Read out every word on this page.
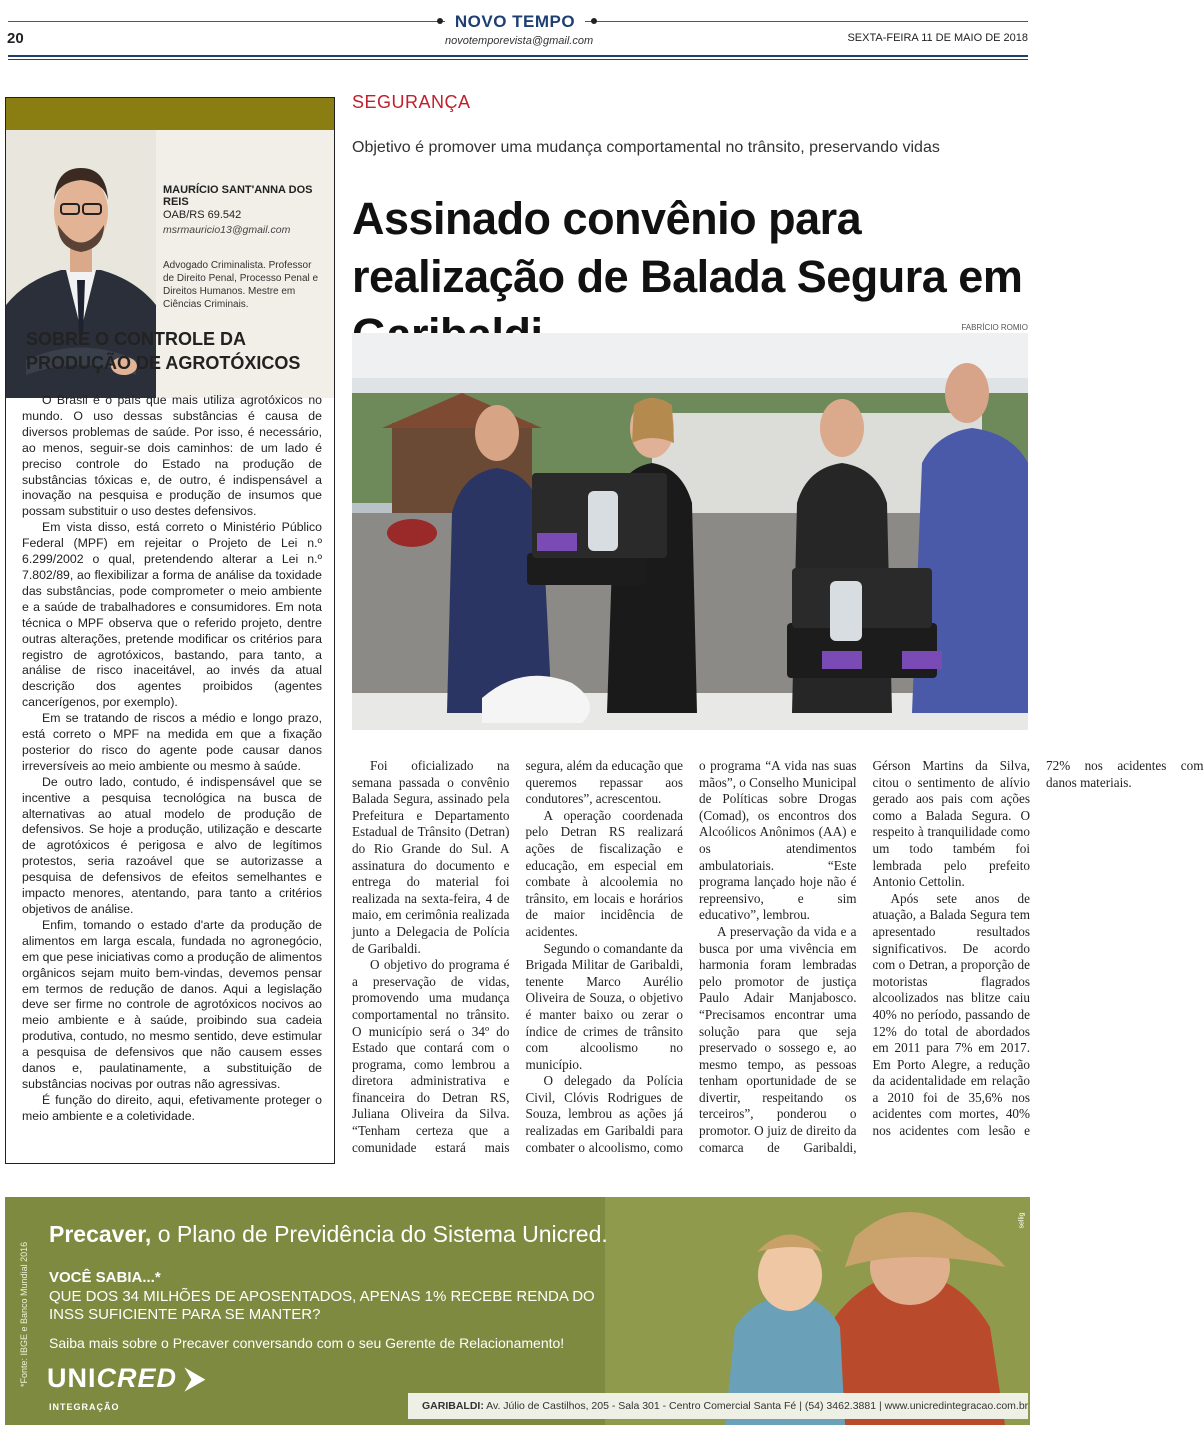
20
NOVO TEMPO
novotemporevista@gmail.com	SEXTA-FEIRA 11 DE MAIO DE 2018
MAURÍCIO SANT'ANNA DOS REIS
OAB/RS 69.542
msrmauricio13@gmail.com
Advogado Criminalista. Professor de Direito Penal, Processo Penal e Direitos Humanos. Mestre em Ciências Criminais.
SOBRE O CONTROLE DA PRODUÇÃO DE AGROTÓXICOS

O Brasil é o país que mais utiliza agrotóxicos no mundo. O uso dessas substâncias é causa de diversos problemas de saúde. Por isso, é necessário, ao menos, seguir-se dois caminhos: de um lado é preciso controle do Estado na produção de substâncias tóxicas e, de outro, é indispensável a inovação na pesquisa e produção de insumos que possam substituir o uso destes defensivos.

Em vista disso, está correto o Ministério Público Federal (MPF) em rejeitar o Projeto de Lei n.º 6.299/2002 o qual, pretendendo alterar a Lei n.º 7.802/89, ao flexibilizar a forma de análise da toxidade das substâncias, pode comprometer o meio ambiente e a saúde de trabalhadores e consumidores. Em nota técnica o MPF observa que o referido projeto, dentre outras alterações, pretende modificar os critérios para registro de agrotóxicos, bastando, para tanto, a análise de risco inaceitável, ao invés da atual descrição dos agentes proibidos (agentes cancerígenos, por exemplo).

Em se tratando de riscos a médio e longo prazo, está correto o MPF na medida em que a fixação posterior do risco do agente pode causar danos irreversíveis ao meio ambiente ou mesmo à saúde.

De outro lado, contudo, é indispensável que se incentive a pesquisa tecnológica na busca de alternativas ao atual modelo de produção de defensivos. Se hoje a produção, utilização e descarte de agrotóxicos é perigosa e alvo de legítimos protestos, seria razoável que se autorizasse a pesquisa de defensivos de efeitos semelhantes e impacto menores, atentando, para tanto a critérios objetivos de análise.

Enfim, tomando o estado d'arte da produção de alimentos em larga escala, fundada no agronegócio, em que pese iniciativas como a produção de alimentos orgânicos sejam muito bem-vindas, devemos pensar em termos de redução de danos. Aqui a legislação deve ser firme no controle de agrotóxicos nocivos ao meio ambiente e à saúde, proibindo sua cadeia produtiva, contudo, no mesmo sentido, deve estimular a pesquisa de defensivos que não causem esses danos e, paulatinamente, a substituição de substâncias nocivas por outras não agressivas.

É função do direito, aqui, efetivamente proteger o meio ambiente e a coletividade.

SEGURANÇA
Objetivo é promover uma mudança comportamental no trânsito, preservando vidas
Assinado convênio para realização de Balada Segura em
FABRÍCIO ROMIO

Foi oficializado na semana passada o convênio Balada Segura, assinado pela Prefeitura e Departamento Estadual de Trânsito (Detran) do Rio Grande do Sul. A assinatura do documento e entrega do material foi realizada na sexta-feira, 4 de maio, em cerimônia realizada junto a Delegacia de Polícia de Garibaldi.

O objetivo do programa é a preservação de vidas, promovendo uma mudança comportamental no trânsito. O município será o 34º do Estado que contará com o programa, como lembrou a diretora administrativa e financeira do Detran RS, Juliana Oliveira da Silva. “Tenham certeza que a comunidade estará mais segura, além da educação que queremos repassar aos condutores”, acrescentou.

A operação coordenada pelo Detran RS realizará ações de fiscalização e educação, em especial em combate à alcoolemia no trânsito, em locais e horários de maior incidência de acidentes.

Segundo o comandante da Brigada Militar de Garibaldi, tenente Marco Aurélio Oliveira de Souza, o objetivo é manter baixo ou zerar o índice de crimes de trânsito com alcoolismo no município.

O delegado da Polícia Civil, Clóvis Rodrigues de Souza, lembrou as ações já realizadas em Garibaldi para combater o alcoolismo, como o programa “A vida nas suas mãos”, o Conselho Municipal de Políticas sobre Drogas (Comad), os encontros dos Alcoólicos Anônimos (AA) e os atendimentos ambulatoriais. “Este programa lançado hoje não é repreensivo, e sim educativo”, lembrou.

A preservação da vida e a busca por uma vivência em harmonia foram lembradas pelo promotor de justiça Paulo Adair Manjabosco. “Precisamos encontrar uma solução para que seja preservado o sossego e, ao mesmo tempo, as pessoas tenham oportunidade de se divertir, respeitando os terceiros”, ponderou o promotor. O juiz de direito da comarca de Garibaldi, Gérson Martins da Silva, citou o sentimento de alívio gerado aos pais com ações como a Balada Segura. O respeito à tranquilidade como um todo também foi lembrada pelo prefeito Antonio Cettolin.

Após sete anos de atuação, a Balada Segura tem apresentado resultados significativos. De acordo com o Detran, a proporção de motoristas flagrados alcoolizados nas blitze caiu 40% no período, passando de 12% do total de abordados em 2011 para 7% em 2017. Em Porto Alegre, a redução da acidentalidade em relação a 2010 foi de 35,6% nos acidentes com mortes, 40% nos acidentes com lesão e 72% nos acidentes com danos materiais.

*Fonte: IBGE e Banco Mundial 2016
Precaver, o Plano de Previdência do Sistema Unicred.
VOCÊ SABIA...*
QUE DOS 34 MILHÕES DE APOSENTADOS, APENAS 1% RECEBE RENDA DO INSS SUFICIENTE PARA SE MANTER?
Saiba mais sobre o Precaver conversando com o seu Gerente de Relacionamento!
UNICRED ⮞
INTEGRAÇÃO	GARIBALDI: Av. Júlio de Castilhos, 205 - Sala 301 - Centro Comercial Santa Fé | (54) 3462.3881 | www.unicredintegracao.com.br
sellig
